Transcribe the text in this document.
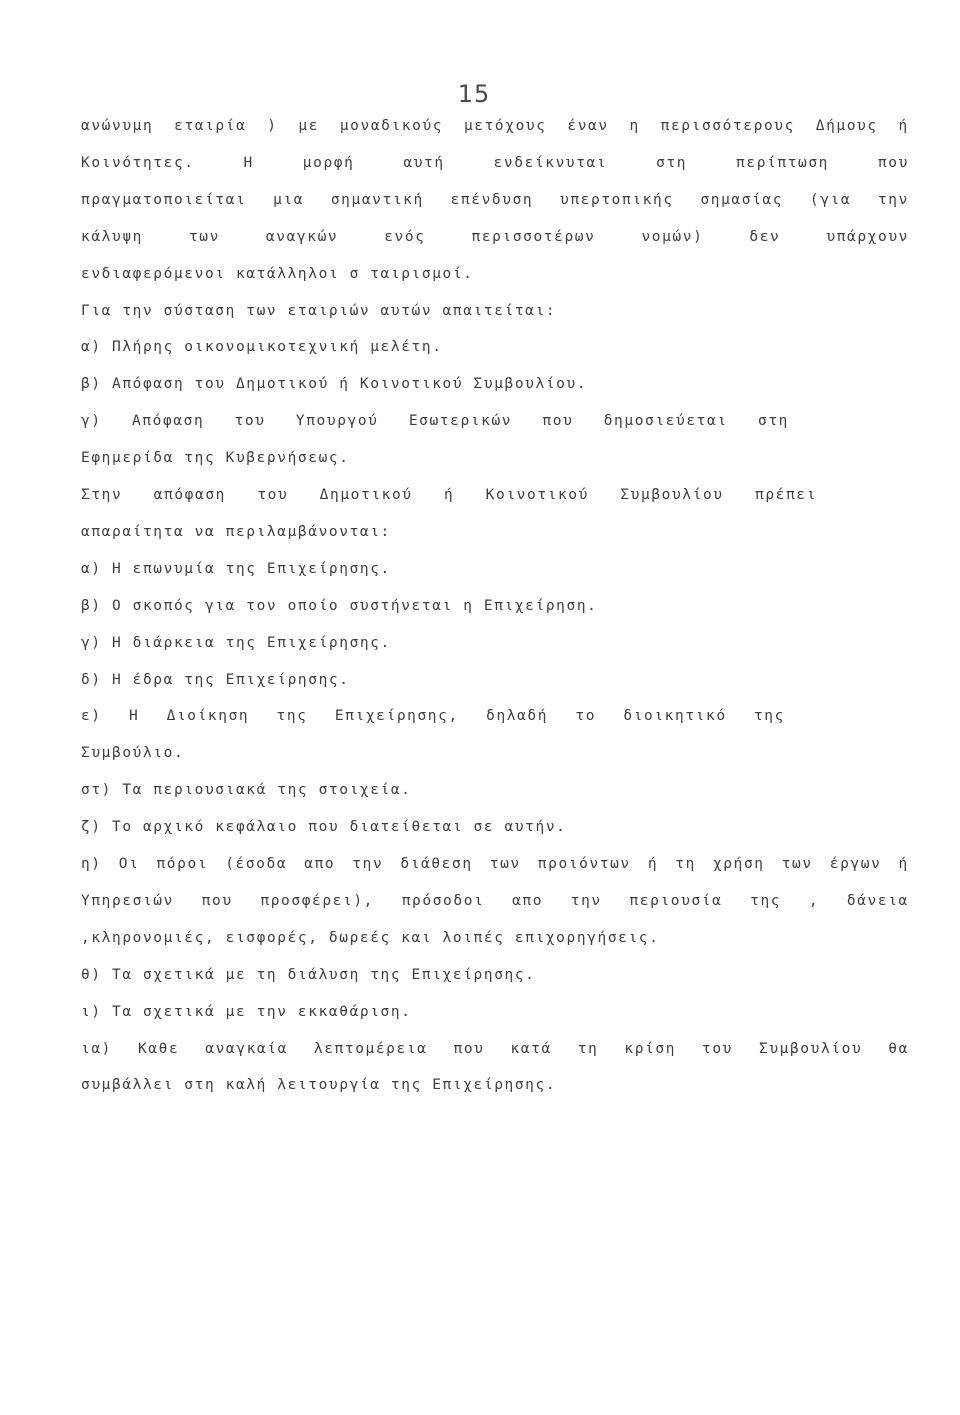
15
ανώνυμη εταιρία ) με μοναδικούς μετόχους έναν η περισσότερους Δήμους ή
Κοινότητες.	Η	μορφή	αυτή	ενδείκνυται	στη	περίπτωση	που
πραγματοποιείται μια σημαντική επένδυση υπερτοπικής σημασίας (για την
κάλυψη	των	αναγκών	ενός	περισσοτέρων	νομών)	δεν	υπάρχουν
ενδιαφερόμενοι κατάλληλοι σ ταιρισμοί.
Για την σύσταση των εταιριών αυτών απαιτείται:
α) Πλήρης οικονομικοτεχνική μελέτη.
β) Απόφαση του Δημοτικού ή Κοινοτικού Συμβουλίου.
γ) Απόφαση του Υπουργού Εσωτερικών που δημοσιεύεται στη
Εφημερίδα της Κυβερνήσεως.
Στην απόφαση του Δημοτικού ή Κοινοτικού Συμβουλίου πρέπει
απαραίτητα να περιλαμβάνονται:
α) Η επωνυμία της Επιχείρησης.
β) Ο σκοπός για τον οποίο συστήνεται η Επιχείρηση.
γ) Η διάρκεια της Επιχείρησης.
δ) Η έδρα της Επιχείρησης.
ε) Η Διοίκηση της Επιχείρησης, δηλαδή το διοικητικό της
Συμβούλιο.
στ) Τα περιουσιακά της στοιχεία.
ζ) Το αρχικό κεφάλαιο που διατείθεται σε αυτήν.
η) Οι πόροι (έσοδα απο την διάθεση των προιόντων ή τη χρήση των έργων ή
Υπηρεσιών που προσφέρει), πρόσοδοι απο την περιουσία της , δάνεια
,κληρονομιές, εισφορές, δωρεές και λοιπές επιχορηγήσεις.
θ) Τα σχετικά με τη διάλυση της Επιχείρησης.
ι) Τα σχετικά με την εκκαθάριση.
ια) Καθε αναγκαία λεπτομέρεια που κατά τη κρίση του Συμβουλίου θα
συμβάλλει στη καλή λειτουργία της Επιχείρησης.
